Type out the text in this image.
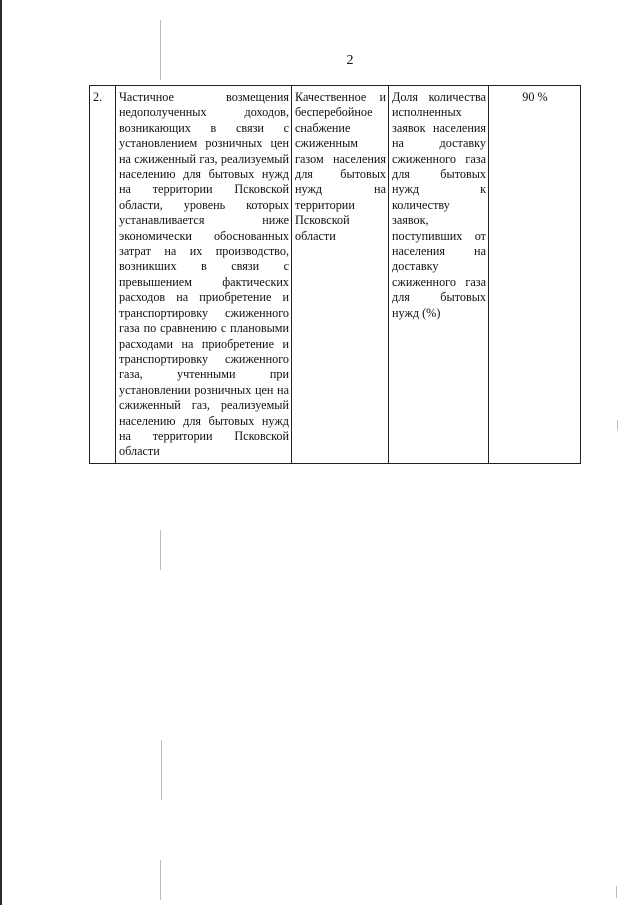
2
2.	Частичное возмещения недополученных доходов, возникающих в связи с установлением розничных цен на сжиженный газ, реализуемый населению для бытовых нужд на территории Псковской области, уровень которых устанавливается ниже экономически обоснованных затрат на их производство, возникших в связи с превышением фактических расходов на приобретение и транспортировку сжиженного газа по сравнению с плановыми расходами на приобретение и транспортировку сжиженного газа, учтенными при установлении розничных цен на сжиженный газ, реализуемый населению для бытовых нужд на территории Псковской области	Качественное и бесперебойное снабжение сжиженным газом населения для бытовых нужд на территории Псковской области	Доля количества исполненных заявок населения на доставку сжиженного газа для бытовых нужд к количеству заявок, поступивших от населения на доставку сжиженного газа для бытовых нужд (%)	90 %
